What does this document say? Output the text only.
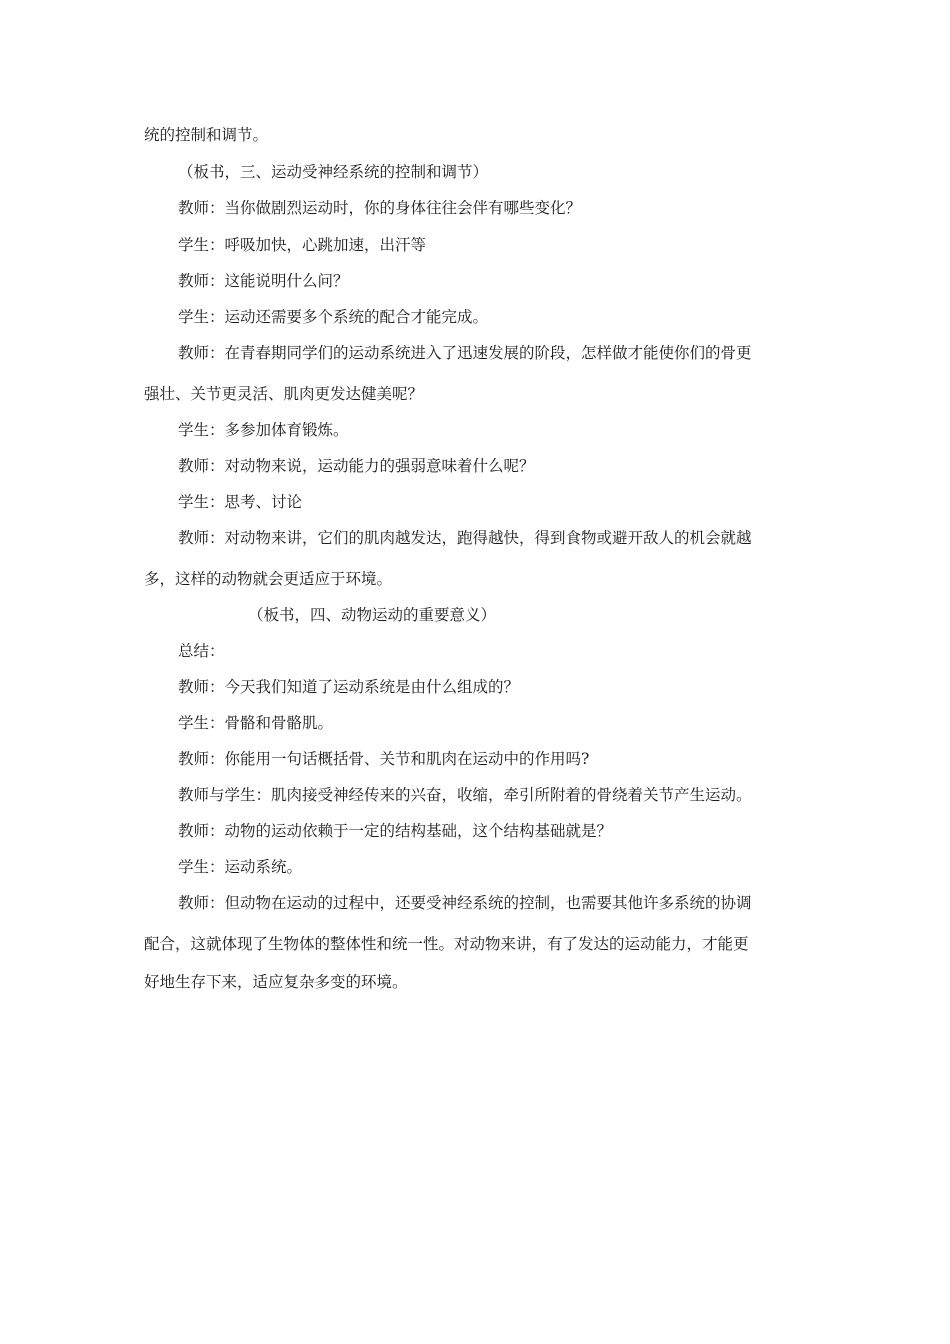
统的控制和调节。
（板书，三、运动受神经系统的控制和调节）
教师：当你做剧烈运动时，你的身体往往会伴有哪些变化？
学生：呼吸加快，心跳加速，出汗等
教师：这能说明什么问？
学生：运动还需要多个系统的配合才能完成。
教师：在青春期同学们的运动系统进入了迅速发展的阶段，怎样做才能使你们的骨更
强壮、关节更灵活、肌肉更发达健美呢？
学生：多参加体育锻炼。
教师：对动物来说，运动能力的强弱意味着什么呢？
学生：思考、讨论
教师：对动物来讲，它们的肌肉越发达，跑得越快，得到食物或避开敌人的机会就越
多，这样的动物就会更适应于环境。
（板书，四、动物运动的重要意义）
总结：
教师：今天我们知道了运动系统是由什么组成的？
学生：骨骼和骨骼肌。
教师：你能用一句话概括骨、关节和肌肉在运动中的作用吗?
教师与学生：肌肉接受神经传来的兴奋，收缩，牵引所附着的骨绕着关节产生运动。
教师：动物的运动依赖于一定的结构基础，这个结构基础就是？
学生：运动系统。
教师：但动物在运动的过程中，还要受神经系统的控制，也需要其他许多系统的协调
配合，这就体现了生物体的整体性和统一性。对动物来讲，有了发达的运动能力，才能更
好地生存下来，适应复杂多变的环境。
